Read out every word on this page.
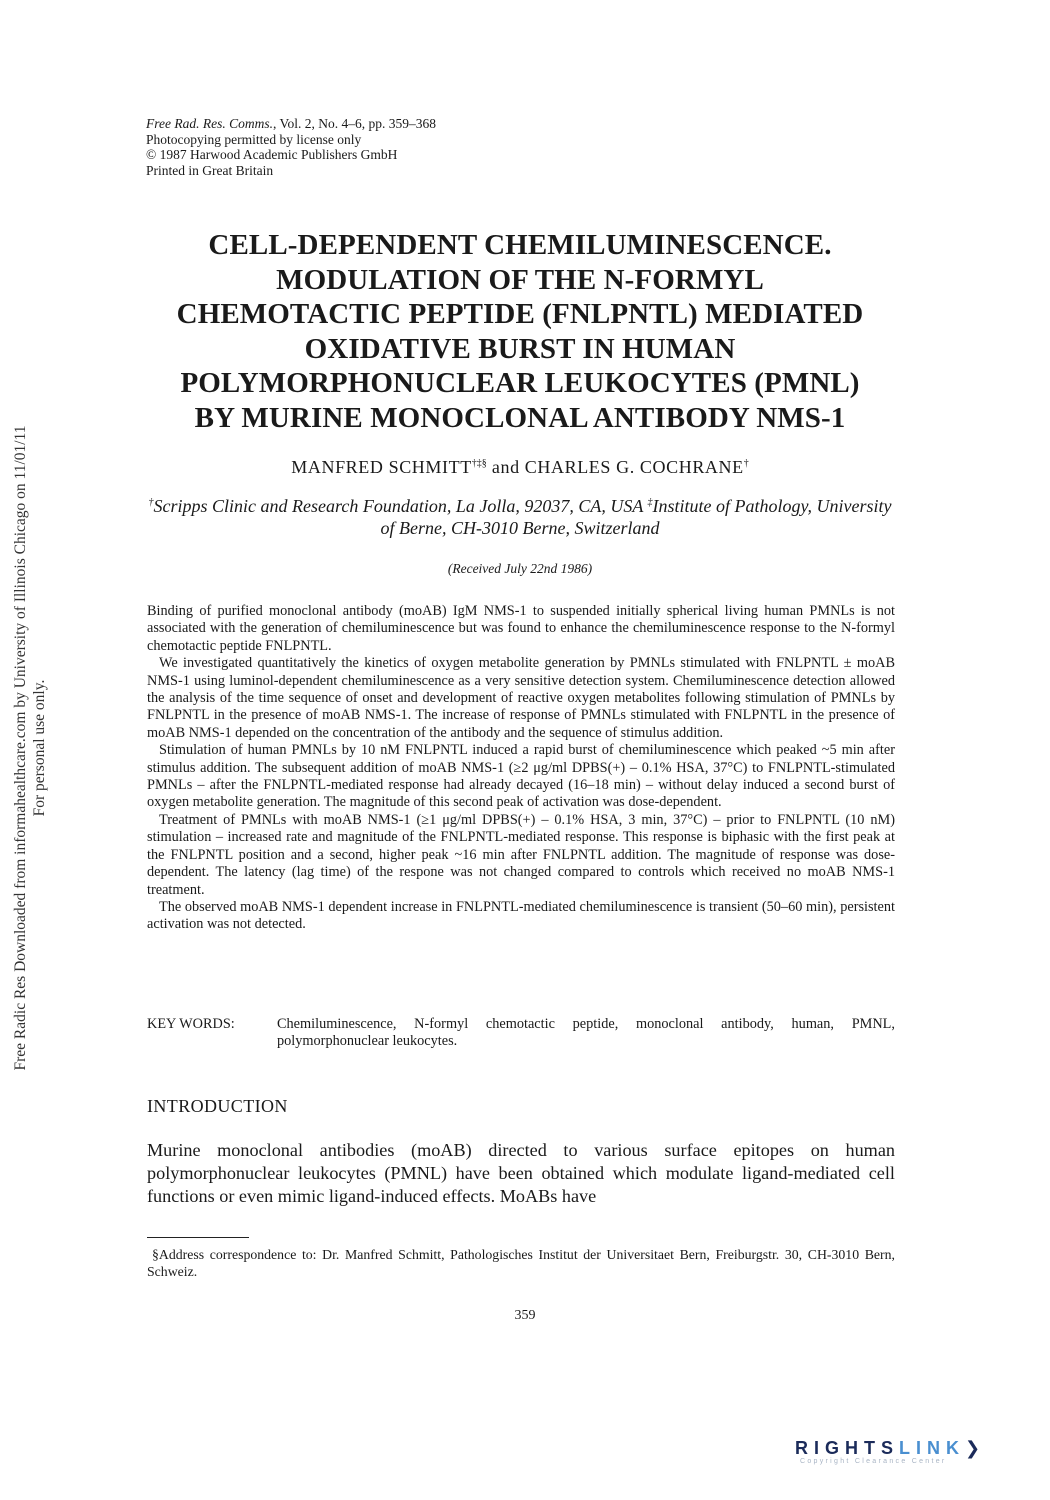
Free Radic Res Downloaded from informahealthcare.com by University of Illinois Chicago on 11/01/11 For personal use only.
Free Rad. Res. Comms., Vol. 2, No. 4–6, pp. 359–368
Photocopying permitted by license only
© 1987 Harwood Academic Publishers GmbH
Printed in Great Britain
CELL-DEPENDENT CHEMILUMINESCENCE.
MODULATION OF THE N-FORMYL
CHEMOTACTIC PEPTIDE (FNLPNTL) MEDIATED
OXIDATIVE BURST IN HUMAN
POLYMORPHONUCLEAR LEUKOCYTES (PMNL)
BY MURINE MONOCLONAL ANTIBODY NMS-1
MANFRED SCHMITT†‡§ and CHARLES G. COCHRANE†
†Scripps Clinic and Research Foundation, La Jolla, 92037, CA, USA ‡Institute of Pathology, University of Berne, CH-3010 Berne, Switzerland
(Received July 22nd 1986)

Binding of purified monoclonal antibody (moAB) IgM NMS-1 to suspended initially spherical living human PMNLs is not associated with the generation of chemiluminescence but was found to enhance the chemiluminescence response to the N-formyl chemotactic peptide FNLPNTL.

We investigated quantitatively the kinetics of oxygen metabolite generation by PMNLs stimulated with FNLPNTL ± moAB NMS-1 using luminol-dependent chemiluminescence as a very sensitive detection system. Chemiluminescence detection allowed the analysis of the time sequence of onset and development of reactive oxygen metabolites following stimulation of PMNLs by FNLPNTL in the presence of moAB NMS-1. The increase of response of PMNLs stimulated with FNLPNTL in the presence of moAB NMS-1 depended on the concentration of the antibody and the sequence of stimulus addition.

Stimulation of human PMNLs by 10 nM FNLPNTL induced a rapid burst of chemiluminescence which peaked ~5 min after stimulus addition. The subsequent addition of moAB NMS-1 (≥2 μg/ml DPBS(+) – 0.1% HSA, 37°C) to FNLPNTL-stimulated PMNLs – after the FNLPNTL-mediated response had already decayed (16–18 min) – without delay induced a second burst of oxygen metabolite generation. The magnitude of this second peak of activation was dose-dependent.

Treatment of PMNLs with moAB NMS-1 (≥1 μg/ml DPBS(+) – 0.1% HSA, 3 min, 37°C) – prior to FNLPNTL (10 nM) stimulation – increased rate and magnitude of the FNLPNTL-mediated response. This response is biphasic with the first peak at the FNLPNTL position and a second, higher peak ~16 min after FNLPNTL addition. The magnitude of response was dose-dependent. The latency (lag time) of the respone was not changed compared to controls which received no moAB NMS-1 treatment.

The observed moAB NMS-1 dependent increase in FNLPNTL-mediated chemiluminescence is transient (50–60 min), persistent activation was not detected.

KEY WORDS:	Chemiluminescence, N-formyl chemotactic peptide, monoclonal antibody, human, PMNL, polymorphonuclear leukocytes.
INTRODUCTION

Murine monoclonal antibodies (moAB) directed to various surface epitopes on human polymorphonuclear leukocytes (PMNL) have been obtained which modulate ligand-mediated cell functions or even mimic ligand-induced effects. MoABs have

§Address correspondence to: Dr. Manfred Schmitt, Pathologisches Institut der Universitaet Bern, Freiburgstr. 30, CH-3010 Bern, Schweiz.

359
RIGHTSLINK❯
Copyright Clearance Center
